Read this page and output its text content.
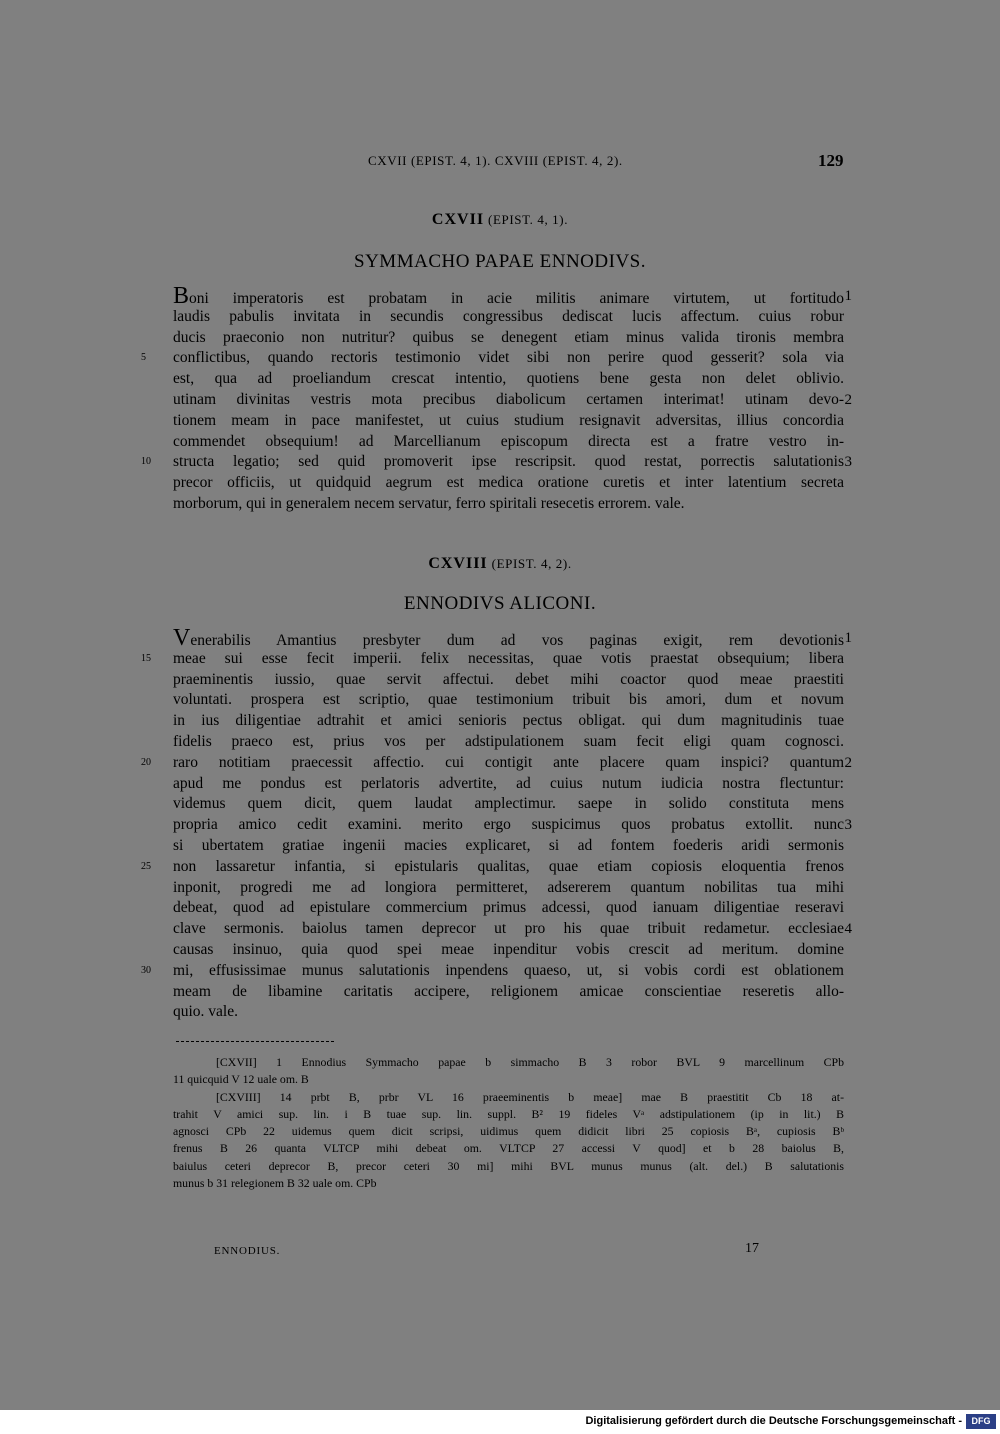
CXVII (EPIST. 4, 1). CXVIII (EPIST. 4, 2).	129
CXVII (EPIST. 4, 1).
SYMMACHO PAPAE ENNODIVS.
Boni imperatoris est probatam in acie militis animare virtutem, ut fortitudo 1
laudis pabulis invitata in secundis congressibus dediscat lucis affectum. cuius robur
ducis praeconio non nutritur? quibus se denegent etiam minus valida tironis membra
5	conflictibus, quando rectoris testimonio videt sibi non perire quod gesserit? sola via
est, qua ad proeliandum crescat intentio, quotiens bene gesta non delet oblivio.
utinam divinitas vestris mota precibus diabolicum certamen interimat! utinam devo- 2
tionem meam in pace manifestet, ut cuius studium resignavit adversitas, illius concordia
commendet obsequium! ad Marcellianum episcopum directa est a fratre vestro in-
10 structa legatio; sed quid promoverit ipse rescripsit. quod restat, porrectis salutationis 3
precor officiis, ut quidquid aegrum est medica oratione curetis et inter latentium secreta
morborum, qui in generalem necem servatur, ferro spiritali resecetis errorem. vale.
CXVIII (EPIST. 4, 2).
ENNODIVS ALICONI.
Venerabilis Amantius presbyter dum ad vos paginas exigit, rem devotionis 1
15 meae sui esse fecit imperii. felix necessitas, quae votis praestat obsequium; libera
praeminentis iussio, quae servit affectui. debet mihi coactor quod meae praestiti
voluntati. prospera est scriptio, quae testimonium tribuit bis amori, dum et novum
in ius diligentiae adtrahit et amici senioris pectus obligat. qui dum magnitudinis tuae
fidelis praeco est, prius vos per adstipulationem suam fecit eligi quam cognosci.
20 raro notitiam praecessit affectio. cui contigit ante placere quam inspici? quantum 2
apud me pondus est perlatoris advertite, ad cuius nutum iudicia nostra flectuntur:
videmus quem dicit, quem laudat amplectimur. saepe in solido constituta mens
propria amico cedit examini. merito ergo suspicimus quos probatus extollit. nunc 3
si ubertatem gratiae ingenii macies explicaret, si ad fontem foederis aridi sermonis
25 non lassaretur infantia, si epistularis qualitas, quae etiam copiosis eloquentia frenos
inponit, progredi me ad longiora permitteret, adsererem quantum nobilitas tua mihi
debeat, quod ad epistulare commercium primus adcessi, quod ianuam diligentiae reseravi
clave sermonis. baiolus tamen deprecor ut pro his quae tribuit redametur. ecclesiae 4
causas insinuo, quia quod spei meae inpenditur vobis crescit ad meritum. domine
30 mi, effusissimae munus salutationis inpendens quaeso, ut, si vobis cordi est oblationem
meam de libamine caritatis accipere, religionem amicae conscientiae reseretis allo-
quio. vale.
[CXVII] 1 Ennodius Symmacho papae b simmacho B 3 robor BVL 9 marcellinum CPb
11 quicquid V 12 uale om. B
[CXVIII] 14 prbt B, prbr VL 16 praeeminentis b meae] mae B praestitit Cb 18 at-
trahit V amici sup. lin. i B tuae sup. lin. suppl. B² 19 fideles Vᵃ adstipulationem (ip in lit.) B
agnosci CPb 22 uidemus quem dicit scripsi, uidimus quem didicit libri 25 copiosis Bᵃ, cupiosis Bᵇ
frenus B 26 quanta VLTCP mihi debeat om. VLTCP 27 accessi V quod] et b 28 baiolus B,
baiulus ceteri deprecor B, precor ceteri 30 mi] mihi BVL munus munus (alt. del.) B salutationis
munus b 31 relegionem B 32 uale om. CPb
ENNODIUS.	17
Digitalisierung gefördert durch die Deutsche Forschungsgemeinschaft -	DFG
